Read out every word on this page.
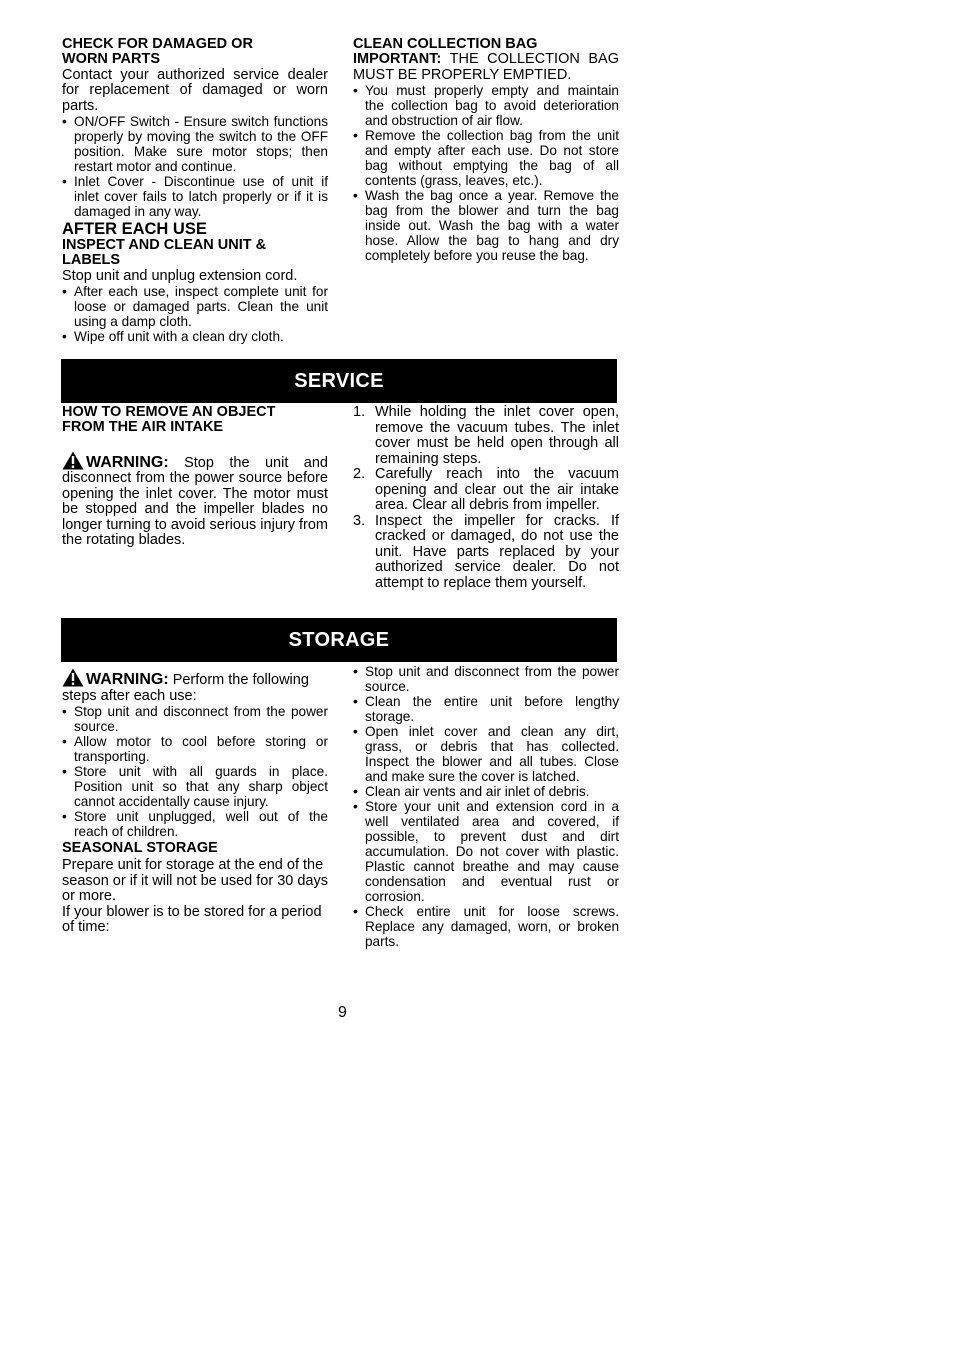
CHECK FOR DAMAGED OR
WORN PARTS

Contact your authorized service dealer for replacement of damaged or worn parts.

• ON/OFF Switch - Ensure switch functions properly by moving the switch to the OFF position. Make sure motor stops; then restart motor and continue.
• Inlet Cover - Discontinue use of unit if inlet cover fails to latch properly or if it is damaged in any way.

AFTER EACH USE

INSPECT AND CLEAN UNIT & LABELS

Stop unit and unplug extension cord.

• After each use, inspect complete unit for loose or damaged parts. Clean the unit using a damp cloth.
• Wipe off unit with a clean dry cloth.

CLEAN COLLECTION BAG

IMPORTANT: THE COLLECTION BAG MUST BE PROPERLY EMPTIED.

• You must properly empty and maintain the collection bag to avoid deterioration and obstruction of air flow.
• Remove the collection bag from the unit and empty after each use. Do not store bag without emptying the bag of all contents (grass, leaves, etc.).
• Wash the bag once a year. Remove the bag from the blower and turn the bag inside out. Wash the bag with a water hose. Allow the bag to hang and dry completely before you reuse the bag.
SERVICE

HOW TO REMOVE AN OBJECT
FROM THE AIR INTAKE

WARNING: Stop the unit and disconnect from the power source before opening the inlet cover. The motor must be stopped and the impeller blades no longer turning to avoid serious injury from the rotating blades.

1. While holding the inlet cover open, remove the vacuum tubes. The inlet cover must be held open through all remaining steps.
2. Carefully reach into the vacuum opening and clear out the air intake area. Clear all debris from impeller.
3. Inspect the impeller for cracks. If cracked or damaged, do not use the unit. Have parts replaced by your authorized service dealer. Do not attempt to replace them yourself.
STORAGE

WARNING: Perform the following steps after each use:

• Stop unit and disconnect from the power source.
• Allow motor to cool before storing or transporting.
• Store unit with all guards in place. Position unit so that any sharp object cannot accidentally cause injury.
• Store unit unplugged, well out of the reach of children.

SEASONAL STORAGE

Prepare unit for storage at the end of the season or if it will not be used for 30 days or more.

If your blower is to be stored for a period of time:

• Stop unit and disconnect from the power source.
• Clean the entire unit before lengthy storage.
• Open inlet cover and clean any dirt, grass, or debris that has collected. Inspect the blower and all tubes. Close and make sure the cover is latched.
• Clean air vents and air inlet of debris.
• Store your unit and extension cord in a well ventilated area and covered, if possible, to prevent dust and dirt accumulation. Do not cover with plastic. Plastic cannot breathe and may cause condensation and eventual rust or corrosion.
• Check entire unit for loose screws. Replace any damaged, worn, or broken parts.
9
